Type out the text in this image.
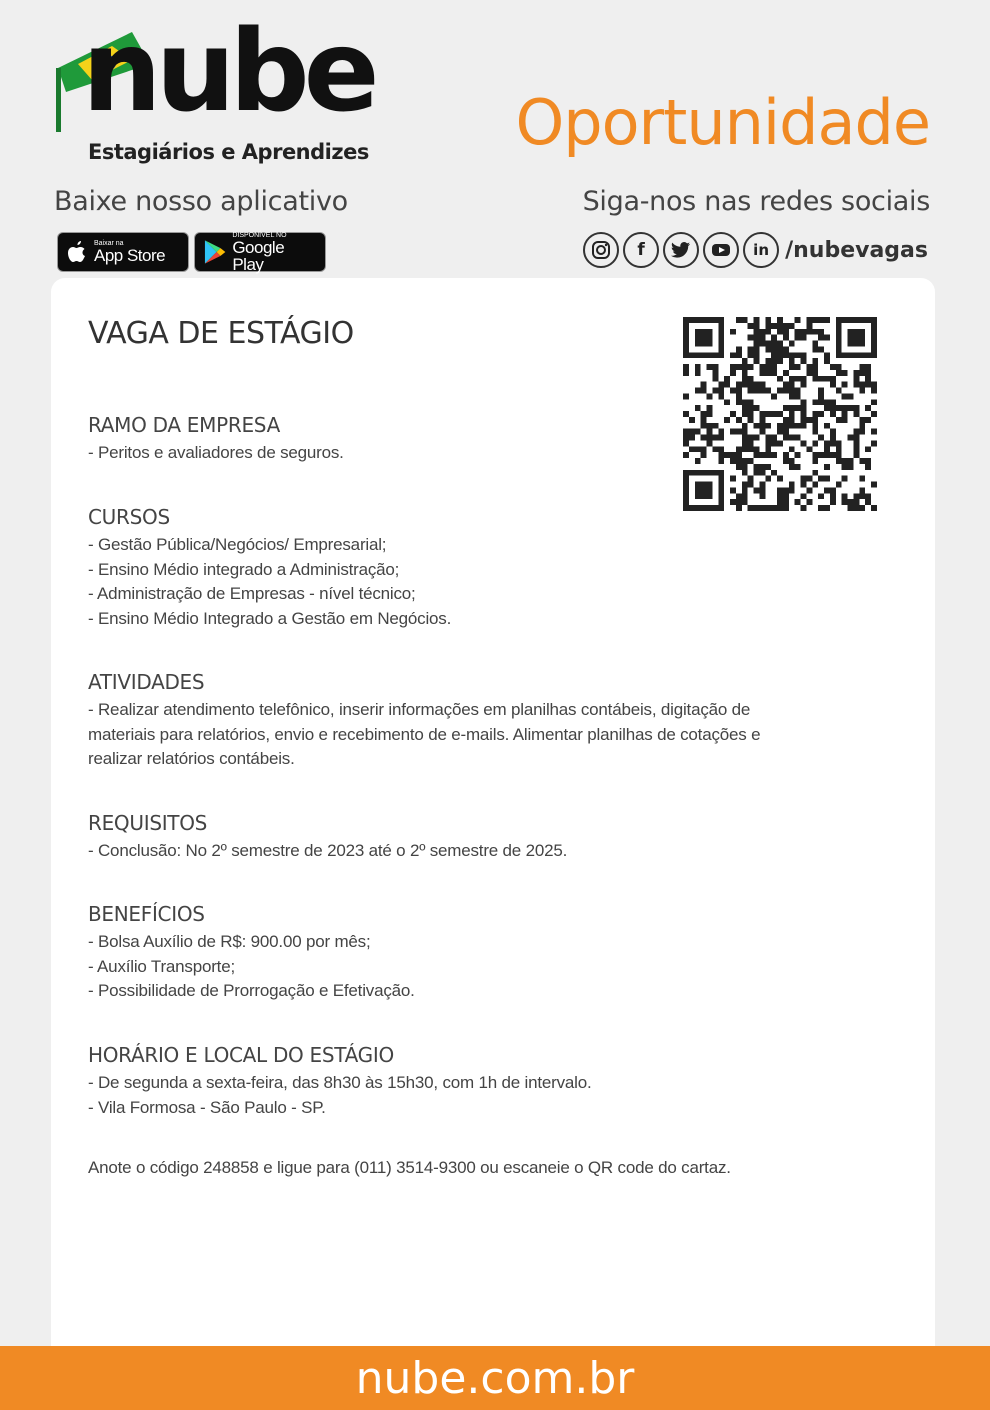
nube
Estagiários e Aprendizes Oportunidade
Baixe nosso aplicativo	Siga-nos nas redes sociais
Baixar na
App Store
DISPONÍVEL NO
Google Play
f	in /nubevagas
VAGA DE ESTÁGIO
RAMO DA EMPRESA

- Peritos e avaliadores de seguros.

CURSOS

- Gestão Pública/Negócios/ Empresarial;

- Ensino Médio integrado a Administração;

- Administração de Empresas - nível técnico;

- Ensino Médio Integrado a Gestão em Negócios.

ATIVIDADES

- Realizar atendimento telefônico, inserir informações em planilhas contábeis, digitação de

materiais para relatórios, envio e recebimento de e-mails. Alimentar planilhas de cotações e

realizar relatórios contábeis.

REQUISITOS

- Conclusão: No 2º semestre de 2023 até o 2º semestre de 2025.

BENEFÍCIOS

- Bolsa Auxílio de R$: 900.00 por mês;

- Auxílio Transporte;

- Possibilidade de Prorrogação e Efetivação.

HORÁRIO E LOCAL DO ESTÁGIO

- De segunda a sexta-feira, das 8h30 às 15h30, com 1h de intervalo.

- Vila Formosa - São Paulo - SP.

Anote o código 248858 e ligue para (011) 3514-9300 ou escaneie o QR code do cartaz.
nube.com.br
